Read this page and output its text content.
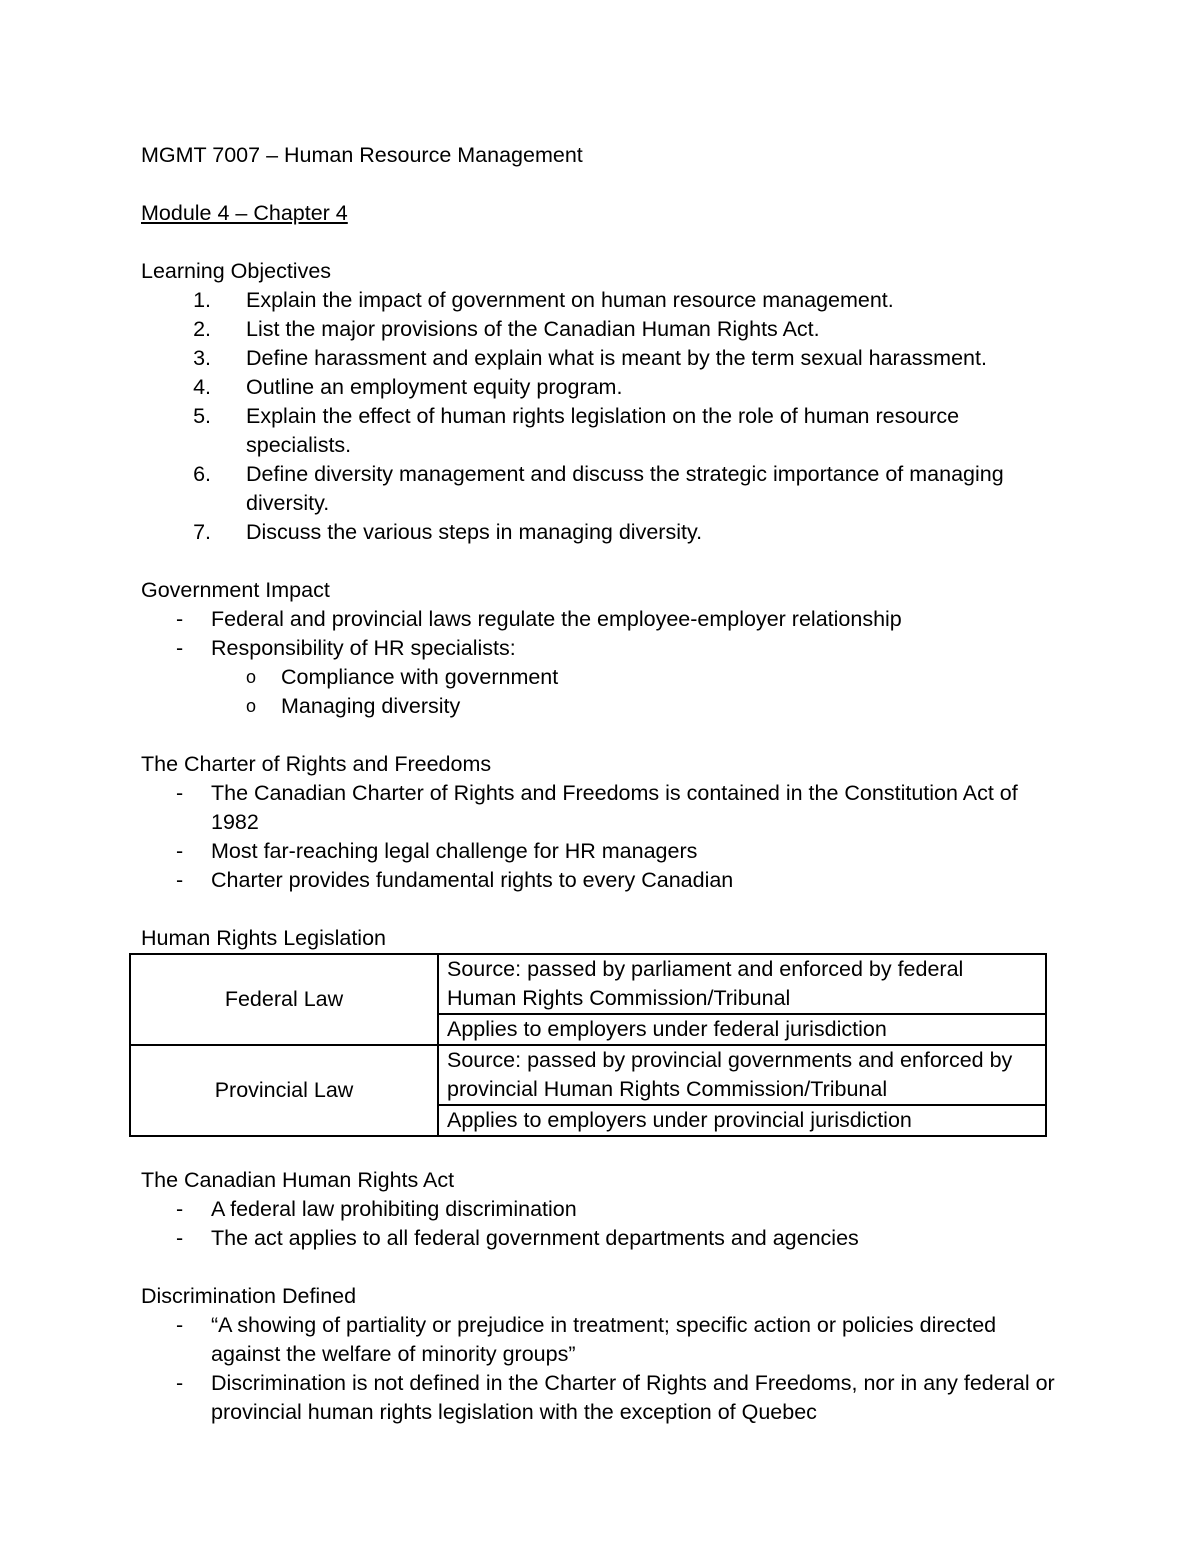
MGMT 7007 – Human Resource Management

Module 4 – Chapter 4

Learning Objectives

1. Explain the impact of government on human resource management.
2. List the major provisions of the Canadian Human Rights Act.
3. Define harassment and explain what is meant by the term sexual harassment.
4. Outline an employment equity program.
5. Explain the effect of human rights legislation on the role of human resource specialists.
6. Define diversity management and discuss the strategic importance of managing diversity.
7. Discuss the various steps in managing diversity.

Government Impact

-	Federal and provincial laws regulate the employee-employer relationship
-	Responsibility of HR specialists:
o	Compliance with government
o	Managing diversity

The Charter of Rights and Freedoms

-	The Canadian Charter of Rights and Freedoms is contained in the Constitution Act of 1982
-	Most far-reaching legal challenge for HR managers
-	Charter provides fundamental rights to every Canadian

Human Rights Legislation

Federal Law	Source: passed by parliament and enforced by federal Human Rights Commission/Tribunal
	Applies to employers under federal jurisdiction
Provincial Law	Source: passed by provincial governments and enforced by provincial Human Rights Commission/Tribunal
	Applies to employers under provincial jurisdiction

The Canadian Human Rights Act

-	A federal law prohibiting discrimination
-	The act applies to all federal government departments and agencies

Discrimination Defined

-	“A showing of partiality or prejudice in treatment; specific action or policies directed against the welfare of minority groups”
-	Discrimination is not defined in the Charter of Rights and Freedoms, nor in any federal or provincial human rights legislation with the exception of Quebec
